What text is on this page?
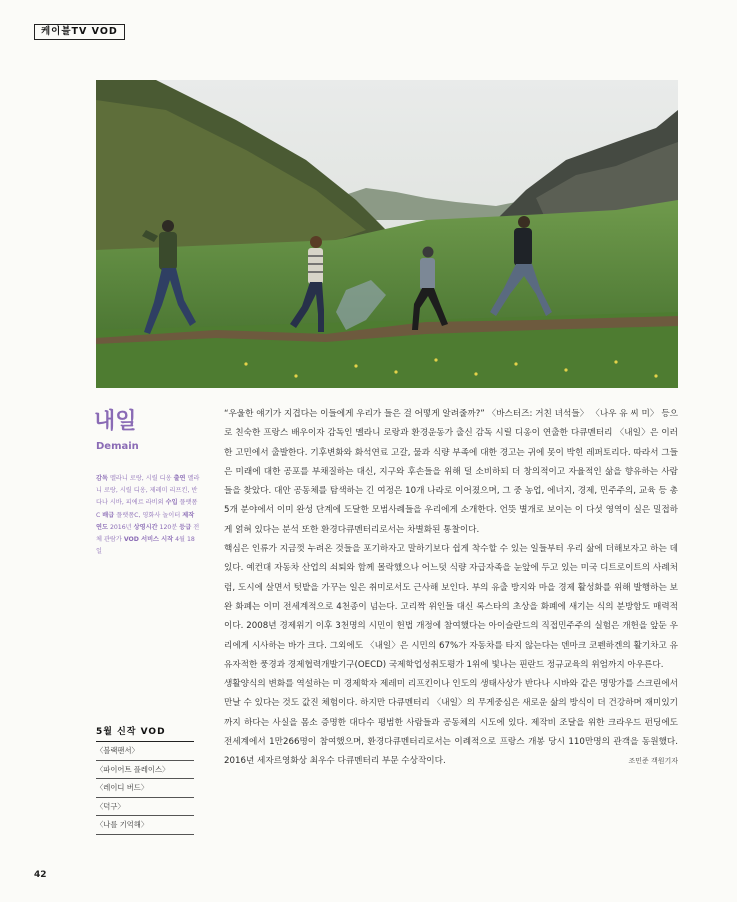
케이블TV VOD
내일
Demain
감독 멜라니 로랑, 시릴 디옹 출연 멜라니 로랑, 시릴 디옹, 제레미 리프킨, 반다나 시바, 피에르 라비외 수입 플랫폼C 배급 플랫폼C, 영화사 놀이터 제작연도 2016년 상영시간 120분 등급 전체 관람가 VOD 서비스 시작 4월 18일
5월 신작 VOD
〈블랙팬서〉
〈파이어트 플레이스〉
〈레이디 버드〉
〈덕구〉
〈나를 기억해〉

“우울한 얘기가 지겹다는 이들에게 우리가 들은 걸 어떻게 알려줄까?” 〈바스터즈: 거친 녀석들〉 〈나우 유 씨 미〉 등으로 친숙한 프랑스 배우이자 감독인 멜라니 로랑과 환경운동가 출신 감독 시릴 디옹이 연출한 다큐멘터리 〈내일〉은 이러한 고민에서 출발한다. 기후변화와 화석연료 고갈, 물과 식량 부족에 대한 경고는 귀에 못이 박힌 레퍼토리다. 따라서 그들은 미래에 대한 공포를 부채질하는 대신, 지구와 후손들을 위해 덜 소비하되 더 창의적이고 자율적인 삶을 향유하는 사람들을 찾았다. 대안 공동체를 탐색하는 긴 여정은 10개 나라로 이어졌으며, 그 중 농업, 에너지, 경제, 민주주의, 교육 등 총 5개 분야에서 이미 완성 단계에 도달한 모범사례들을 우리에게 소개한다. 언뜻 별개로 보이는 이 다섯 영역이 실은 밀접하게 얽혀 있다는 분석 또한 환경다큐멘터리로서는 차별화된 통찰이다.

핵심은 인류가 지금껏 누려온 것들을 포기하자고 말하기보다 쉽게 착수할 수 있는 일들부터 우리 삶에 더해보자고 하는 데 있다. 예컨대 자동차 산업의 쇠퇴와 함께 몰락했으나 어느덧 식량 자급자족을 눈앞에 두고 있는 미국 디트로이트의 사례처럼, 도시에 살면서 텃밭을 가꾸는 일은 취미로서도 근사해 보인다. 부의 유출 방지와 마을 경제 활성화를 위해 발행하는 보완 화폐는 이미 전세계적으로 4천종이 넘는다. 고리짝 위인들 대신 록스타의 초상을 화폐에 새기는 식의 분방함도 매력적이다. 2008년 경제위기 이후 3천명의 시민이 헌법 개정에 참여했다는 아이슬란드의 직접민주주의 실험은 개헌을 앞둔 우리에게 시사하는 바가 크다. 그외에도 〈내일〉은 시민의 67%가 자동차를 타지 않는다는 덴마크 코펜하겐의 활기차고 유유자적한 풍경과 경제협력개발기구(OECD) 국제학업성취도평가 1위에 빛나는 핀란드 정규교육의 위엄까지 아우른다.

생활양식의 변화를 역설하는 미 경제학자 제레미 리프킨이나 인도의 생태사상가 반다나 시바와 같은 명망가를 스크린에서 만날 수 있다는 것도 값진 체험이다. 하지만 다큐멘터리 〈내일〉의 무게중심은 새로운 삶의 방식이 더 건강하며 재미있기까지 하다는 사실을 몸소 증명한 대다수 평범한 사람들과 공동체의 시도에 있다. 제작비 조달을 위한 크라우드 펀딩에도 전세계에서 1만266명이 참여했으며, 환경다큐멘터리로서는 이례적으로 프랑스 개봉 당시 110만명의 관객을 동원했다. 2016년 세자르영화상 최우수 다큐멘터리 부문 수상작이다.	조민준 객원기자

42
